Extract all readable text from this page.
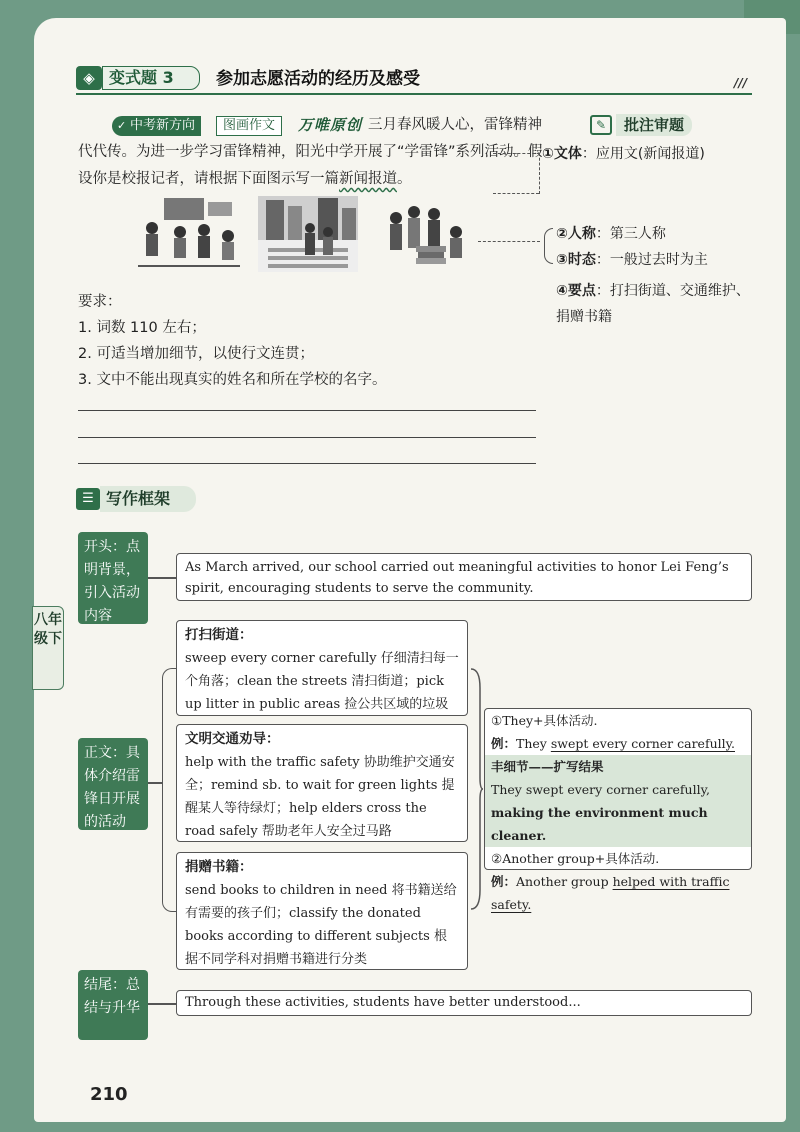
◈ 变式题 3	参加志愿活动的经历及感受	///
三月春风暖人心，雷锋精神代代传。为进一步学习雷锋精神，阳光中学开展了“学雷锋”系列活动。假设你是校报记者，请根据下面图示写一篇新闻报道。
✓ 中考新方向	图画作文	万唯原创	✎	批注审题
①文体：应用文(新闻报道)
②人称：第三人称
③时态：一般过去时为主
④要点：打扫街道、交通维护、捐赠书籍
要求：
1. 词数 110 左右；
2. 可适当增加细节，以使行文连贯；
3. 文中不能出现真实的姓名和所在学校的名字。
☰ 写作框架
八年级下
开头：点明背景，引入活动内容
As March arrived, our school carried out meaningful activities to honor Lei Feng’s spirit, encouraging students to serve the community.
正文：具体介绍雷锋日开展的活动
打扫街道：
sweep every corner carefully 仔细清扫每一个角落；clean the streets 清扫街道；pick up litter in public areas 捡公共区域的垃圾
文明交通劝导：
help with the traffic safety 协助维护交通安全；remind sb. to wait for green lights 提醒某人等待绿灯；help elders cross the road safely 帮助老年人安全过马路
捐赠书籍：
send books to children in need 将书籍送给有需要的孩子们；classify the donated books according to different subjects 根据不同学科对捐赠书籍进行分类
①They+具体活动.
例：They swept every corner carefully.
丰细节——扩写结果
They swept every corner carefully, making the environment much cleaner.
②Another group+具体活动.
例：Another group helped with traffic safety.
结尾：总结与升华	Through these activities, students have better understood...
210
